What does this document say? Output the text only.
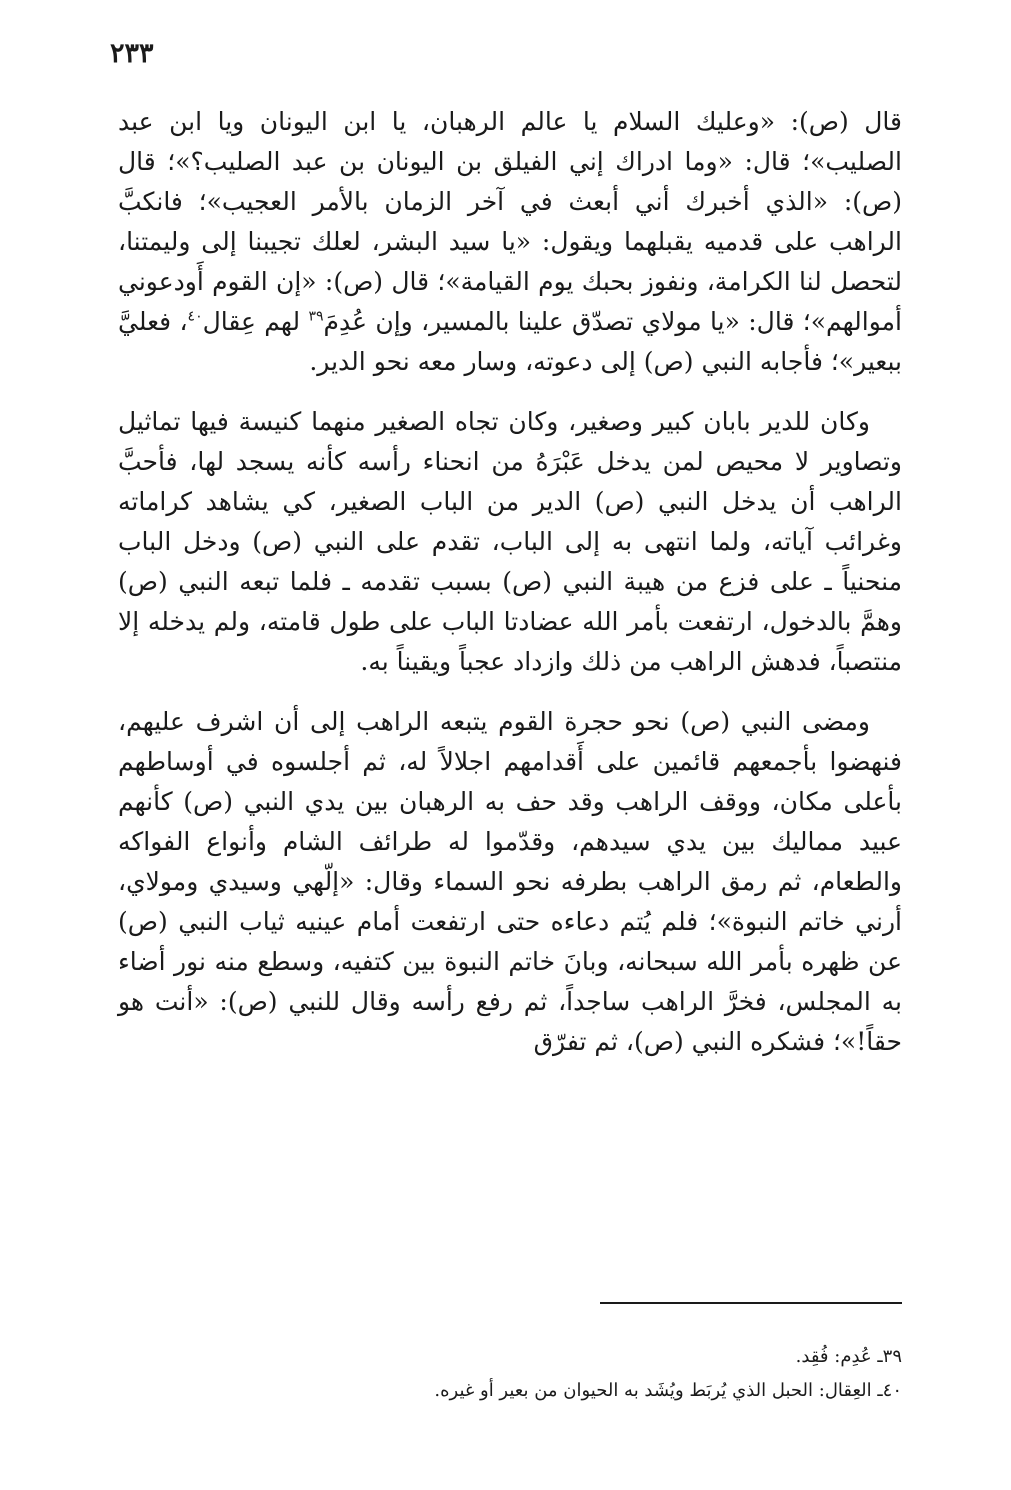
٢٣٣

قال (ص): «وعليك السلام يا عالم الرهبان، يا ابن اليونان ويا ابن عبد الصليب»؛ قال: «وما ادراك إني الفيلق بن اليونان بن عبد الصليب؟»؛ قال (ص): «الذي أخبرك أني أبعث في آخر الزمان بالأمر العجيب»؛ فانكبَّ الراهب على قدميه يقبلهما ويقول: «يا سيد البشر، لعلك تجيبنا إلى وليمتنا، لتحصل لنا الكرامة، ونفوز بحبك يوم القيامة»؛ قال (ص): «إن القوم أَودعوني أموالهم»؛ قال: «يا مولاي تصدّق علينا بالمسير، وإن عُدِمَ$^{٣٩}$ لهم عِقال$^{٤٠}$، فعليَّ ببعير»؛ فأجابه النبي (ص) إلى دعوته، وسار معه نحو الدير.

وكان للدير بابان كبير وصغير، وكان تجاه الصغير منهما كنيسة فيها تماثيل وتصاوير لا محيص لمن يدخل عَبْرَهُ من انحناء رأسه كأنه يسجد لها، فأحبَّ الراهب أن يدخل النبي (ص) الدير من الباب الصغير، كي يشاهد كراماته وغرائب آياته، ولما انتهى به إلى الباب، تقدم على النبي (ص) ودخل الباب منحنياً ـ على فزع من هيبة النبي (ص) بسبب تقدمه ـ فلما تبعه النبي (ص) وهمَّ بالدخول، ارتفعت بأمر الله عضادتا الباب على طول قامته، ولم يدخله إلا منتصباً، فدهش الراهب من ذلك وازداد عجباً ويقيناً به.

ومضى النبي (ص) نحو حجرة القوم يتبعه الراهب إلى أن اشرف عليهم، فنهضوا بأجمعهم قائمين على أَقدامهم اجلالاً له، ثم أجلسوه في أوساطهم بأعلى مكان، ووقف الراهب وقد حف به الرهبان بين يدي النبي (ص) كأنهم عبيد مماليك بين يدي سيدهم، وقدّموا له طرائف الشام وأنواع الفواكه والطعام، ثم رمق الراهب بطرفه نحو السماء وقال: «إلّهي وسيدي ومولاي، أرني خاتم النبوة»؛ فلم يُتم دعاءه حتى ارتفعت أمام عينيه ثياب النبي (ص) عن ظهره بأمر الله سبحانه، وبانَ خاتم النبوة بين كتفيه، وسطع منه نور أضاء به المجلس، فخرَّ الراهب ساجداً، ثم رفع رأسه وقال للنبي (ص): «أنت هو حقاً!»؛ فشكره النبي (ص)، ثم تفرّق

٣٩ـ عُدِم: فُقِد.
٤٠ـ العِقال: الحبل الذي يُربَط ويُشَد به الحيوان من بعير أو غيره.
